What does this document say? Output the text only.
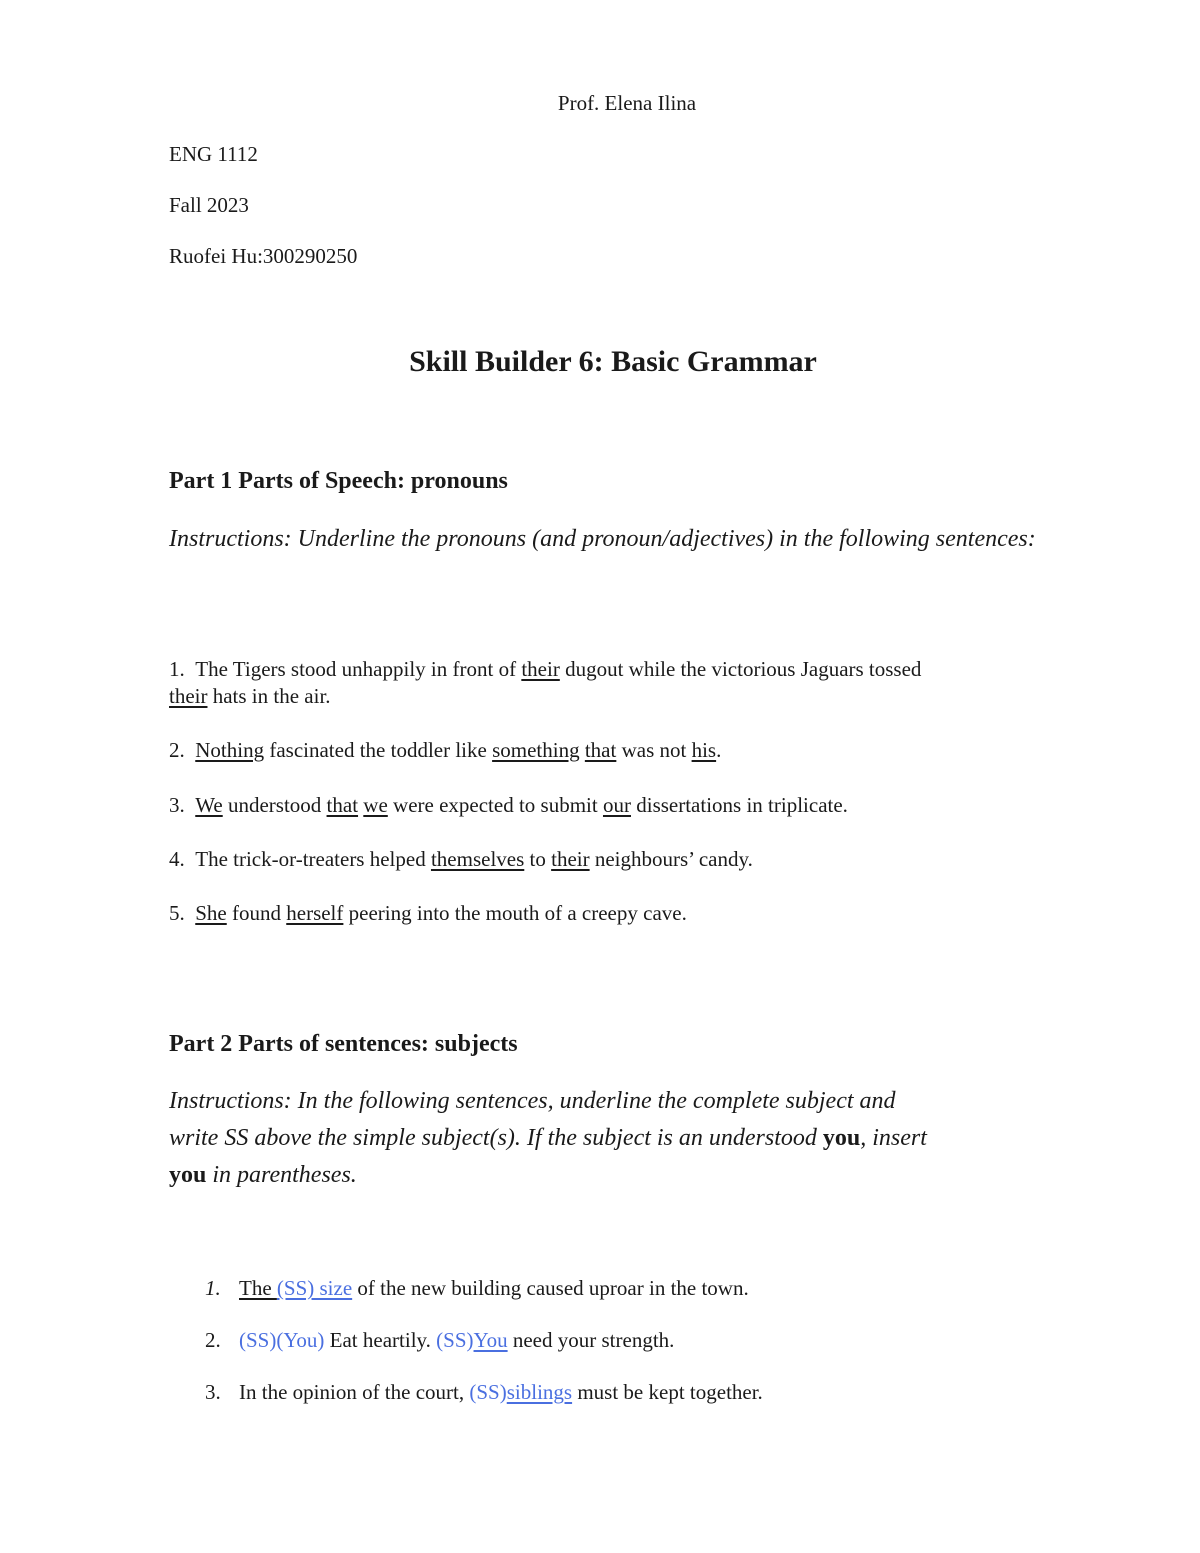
Prof. Elena Ilina
ENG 1112
Fall 2023
Ruofei Hu:300290250
Skill Builder 6: Basic Grammar
Part 1 Parts of Speech: pronouns
Instructions: Underline the pronouns (and pronoun/adjectives) in the following sentences:
1.  The Tigers stood unhappily in front of their dugout while the victorious Jaguars tossed
their hats in the air.
2.  Nothing fascinated the toddler like something that was not his.
3.  We understood that we were expected to submit our dissertations in triplicate.
4.  The trick-or-treaters helped themselves to their neighbours’ candy.
5.  She found herself peering into the mouth of a creepy cave.
Part 2 Parts of sentences: subjects
Instructions: In the following sentences, underline the complete subject and
write SS above the simple subject(s). If the subject is an understood you, insert
you in parentheses.
1. The (SS) size of the new building caused uproar in the town.
2. (SS)(You) Eat heartily. (SS)You need your strength.
3. In the opinion of the court, (SS)siblings must be kept together.
